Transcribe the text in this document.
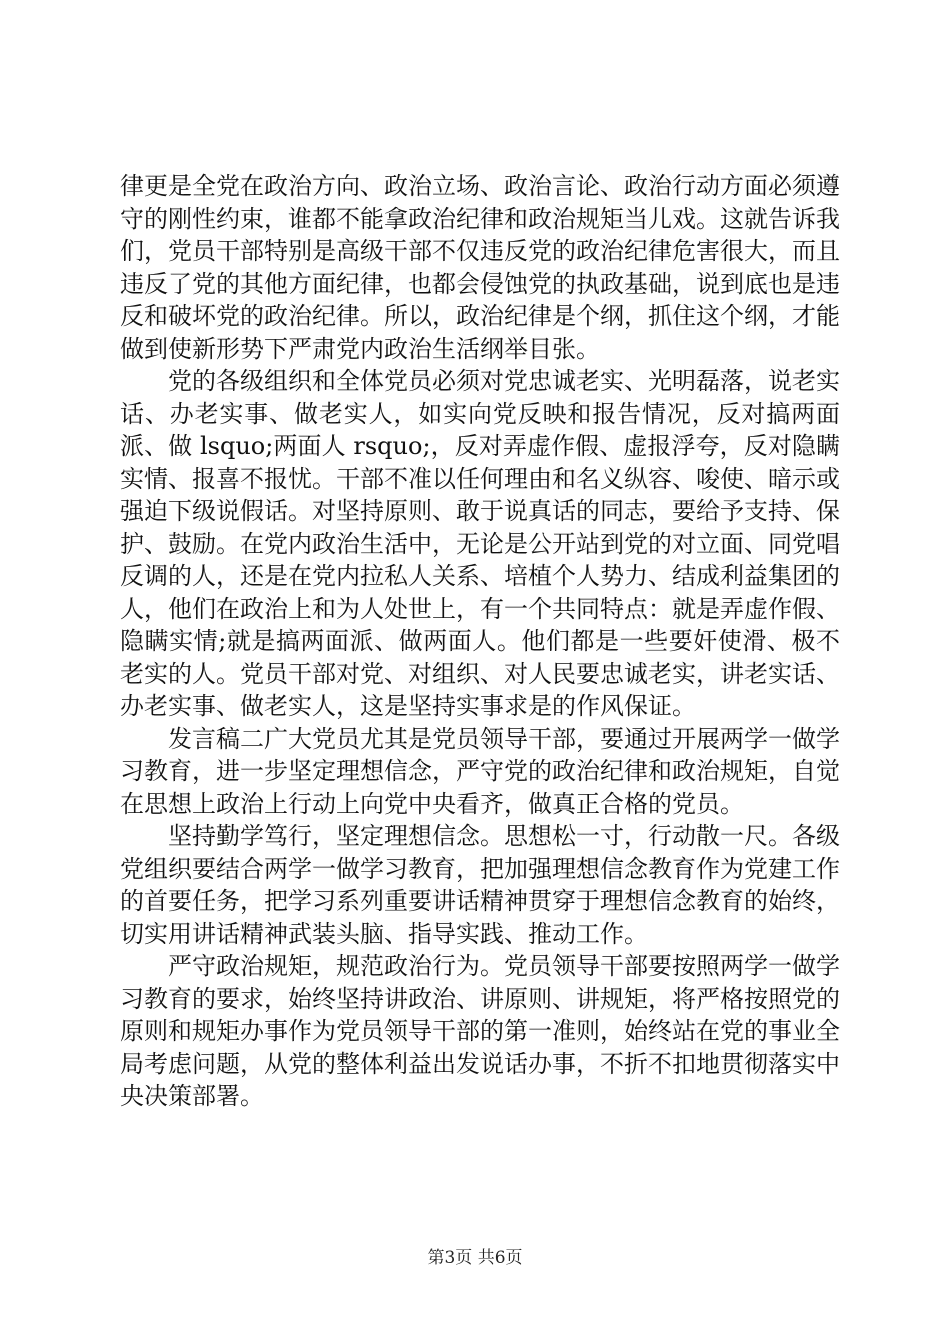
律更是全党在政治方向、政治立场、政治言论、政治行动方面必须遵守的刚性约束，谁都不能拿政治纪律和政治规矩当儿戏。这就告诉我们，党员干部特别是高级干部不仅违反党的政治纪律危害很大，而且违反了党的其他方面纪律，也都会侵蚀党的执政基础，说到底也是违反和破坏党的政治纪律。所以，政治纪律是个纲，抓住这个纲，才能做到使新形势下严肃党内政治生活纲举目张。

党的各级组织和全体党员必须对党忠诚老实、光明磊落，说老实话、办老实事、做老实人，如实向党反映和报告情况，反对搞两面派、做 lsquo;两面人 rsquo;，反对弄虚作假、虚报浮夸，反对隐瞒实情、报喜不报忧。干部不准以任何理由和名义纵容、唆使、暗示或强迫下级说假话。对坚持原则、敢于说真话的同志，要给予支持、保护、鼓励。在党内政治生活中，无论是公开站到党的对立面、同党唱反调的人，还是在党内拉私人关系、培植个人势力、结成利益集团的人，他们在政治上和为人处世上，有一个共同特点：就是弄虚作假、隐瞒实情;就是搞两面派、做两面人。他们都是一些要奸使滑、极不老实的人。党员干部对党、对组织、对人民要忠诚老实，讲老实话、办老实事、做老实人，这是坚持实事求是的作风保证。

发言稿二广大党员尤其是党员领导干部，要通过开展两学一做学习教育，进一步坚定理想信念，严守党的政治纪律和政治规矩，自觉在思想上政治上行动上向党中央看齐，做真正合格的党员。

坚持勤学笃行，坚定理想信念。思想松一寸，行动散一尺。各级党组织要结合两学一做学习教育，把加强理想信念教育作为党建工作的首要任务，把学习系列重要讲话精神贯穿于理想信念教育的始终，切实用讲话精神武装头脑、指导实践、推动工作。

严守政治规矩，规范政治行为。党员领导干部要按照两学一做学习教育的要求，始终坚持讲政治、讲原则、讲规矩，将严格按照党的原则和规矩办事作为党员领导干部的第一准则，始终站在党的事业全局考虑问题，从党的整体利益出发说话办事，不折不扣地贯彻落实中央决策部署。

第3页 共6页
